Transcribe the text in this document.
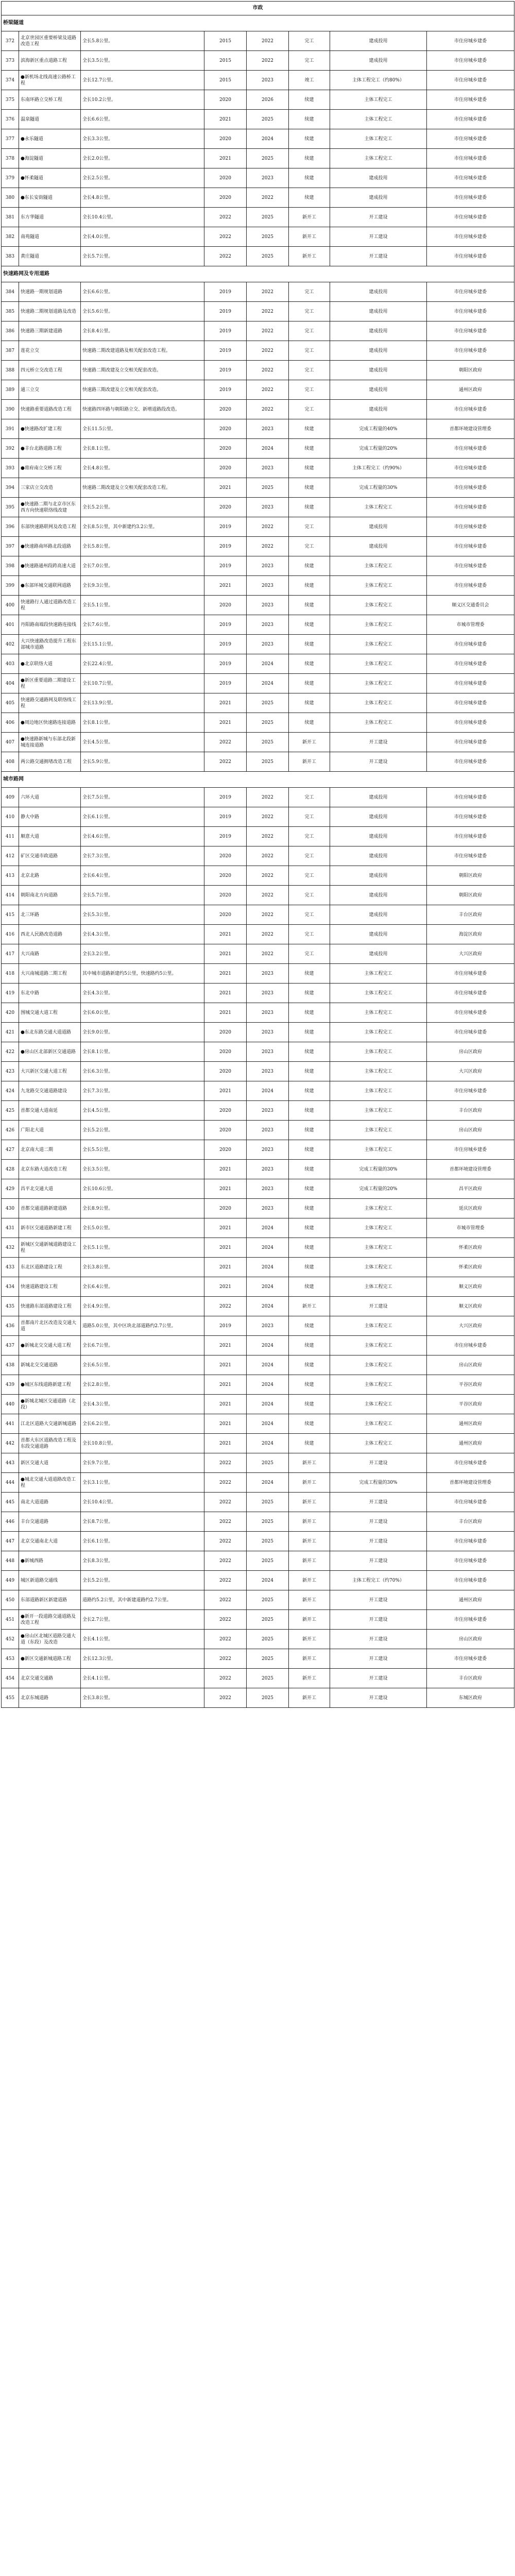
市政							
桥梁隧道							
372	北京世园区重要桥梁及道路改造工程	全长5.8公里。	2015	2022	完工	建成投用	市住房城乡建委
373	滨海新区重点道路工程	全长3.5公里。	2015	2022	完工	建成投用	市住房城乡建委
374	●新机场北线高速公路桥工程	全长12.7公里。	2015	2023	竣工	主体工程完工（约80%）	市住房城乡建委
375	东南环路立交桥工程	全长10.2公里。	2020	2026	续建	主体工程完工	市住房城乡建委
376	温泉隧道	全长6.6公里。	2021	2025	续建	主体工程完工	市住房城乡建委
377	●永乐隧道	全长3.3公里。	2020	2024	续建	主体工程完工	市住房城乡建委
378	●海淀隧道	全长2.0公里。	2021	2025	续建	主体工程完工	市住房城乡建委
379	●怀柔隧道	全长2.5公里。	2020	2023	续建	建成投用	市住房城乡建委
380	●东长安街隧道	全长4.8公里。	2020	2022	续建	建成投用	市住房城乡建委
381	东方华隧道	全长10.4公里。	2022	2025	新开工	开工建设	市住房城乡建委
382	南苑隧道	全长4.0公里。	2022	2025	新开工	开工建设	市住房城乡建委
383	黄庄隧道	全长5.7公里。	2022	2025	新开工	开工建设	市住房城乡建委
快速路网及专用道路							
384	快速路一期规划道路	全长6.6公里。	2019	2022	完工	建成投用	市住房城乡建委
385	快速路二期规划道路及改造	全长5.6公里。	2019	2022	完工	建成投用	市住房城乡建委
386	快速路三期新建道路	全长8.4公里。	2019	2022	完工	建成投用	市住房城乡建委
387	莲花立交	快速路二期改建道路及相关配套改造工程。	2019	2022	完工	建成投用	市住房城乡建委
388	四元桥立交改造工程	快速路二期改建及立交相关配套改造。	2019	2022	完工	建成投用	朝阳区政府
389	通三立交	快速路三期改建及立交相关配套改造。	2019	2022	完工	建成投用	通州区政府
390	快速路重要道路改造工程	快速路四环路与朝阳路立交、新增道路段改造。	2020	2022	完工	建成投用	市住房城乡建委
391	●快速路改扩建工程	全长11.5公里。	2020	2023	续建	完成工程量的40%	首都环境建设管理委
392	●丰台北路道路工程	全长8.1公里。	2020	2024	续建	完成工程量的20%	市住房城乡建委
393	●将府南立交桥工程	全长4.8公里。	2020	2023	续建	主体工程完工（约90%）	市住房城乡建委
394	三家店立交改造	快速路二期改建及立交相关配套改造工程。	2021	2025	续建	完成工程量的30%	市住房城乡建委
395	●快速路二期与北京市区东西方向快速联络线改建	全长5.2公里。	2020	2023	续建	主体工程完工	市住房城乡建委
396	东部快速路联网及改造工程	全长8.5公里，其中新建约3.2公里。	2019	2022	完工	建成投用	市住房城乡建委
397	●快速路南环路北段道路	全长5.8公里。	2019	2022	完工	建成投用	市住房城乡建委
398	●快速路通州段跨高速大道	全长7.0公里。	2019	2023	续建	主体工程完工	市住房城乡建委
399	●东部环城交通联网道路	全长9.3公里。	2021	2023	续建	主体工程完工	市住房城乡建委
400	快速路行人通过道路改造工程	全长5.1公里。	2020	2023	续建	主体工程完工	顺义区交通委员会
401	丹阳路南端段快速路连接线	全长7.6公里。	2019	2023	续建	主体工程完工	市城市管理委
402	大兴快速路改造提升工程东部城市道路	全长15.1公里。	2019	2023	续建	主体工程完工	市住房城乡建委
403	●北京联络大道	全长22.4公里。	2019	2024	续建	主体工程完工	市住房城乡建委
404	●新区重要道路二期建设工程	全长10.7公里。	2019	2024	续建	主体工程完工	市住房城乡建委
405	快速路交通路网及联络线工程	全长13.9公里。	2021	2025	续建	主体工程完工	市住房城乡建委
406	●周边地区快速路连接道路	全长8.1公里。	2021	2025	续建	主体工程完工	市住房城乡建委
407	●快速路新城与东部北段新城连接道路	全长4.5公里。	2022	2025	新开工	开工建设	市住房城乡建委
408	两公路交通拥堵改造工程	全长5.9公里。	2022	2025	新开工	开工建设	市住房城乡建委
城市路网							
409	六环大道	全长7.5公里。	2019	2022	完工	建成投用	市住房城乡建委
410	静大中路	全长6.1公里。	2019	2022	完工	建成投用	市住房城乡建委
411	顺意大道	全长4.6公里。	2019	2022	完工	建成投用	市住房城乡建委
412	矿区交通市政道路	全长7.3公里。	2020	2022	完工	建成投用	市住房城乡建委
413	北京北路	全长6.4公里。	2020	2022	完工	建成投用	朝阳区政府
414	朝阳南北方向道路	全长5.7公里。	2020	2022	完工	建成投用	朝阳区政府
415	北三环路	全长5.3公里。	2020	2022	完工	建成投用	丰台区政府
416	西北人民路改造道路	全长4.3公里。	2021	2022	完工	建成投用	海淀区政府
417	大兴南路	全长3.2公里。	2021	2022	完工	建成投用	大兴区政府
418	大兴南城道路二期工程	其中城市道路新建约5公里，快速路约5公里。	2021	2023	续建	主体工程完工	市住房城乡建委
419	东北中路	全长4.3公里。	2021	2023	续建	主体工程完工	市住房城乡建委
420	围城交通大道工程	全长6.0公里。	2021	2023	续建	主体工程完工	市住房城乡建委
421	●东北东路交通大道道路	全长9.0公里。	2020	2023	续建	主体工程完工	市住房城乡建委
422	●房山区北部新区交通道路	全长8.1公里。	2020	2023	续建	主体工程完工	房山区政府
423	大兴新区交通大道工程	全长6.3公里。	2020	2023	续建	主体工程完工	大兴区政府
424	九龙路交交通道路建设	全长7.3公里。	2021	2024	续建	主体工程完工	市住房城乡建委
425	首都交通大道南延	全长4.5公里。	2020	2023	续建	主体工程完工	丰台区政府
426	广阳北大道	全长5.2公里。	2020	2023	续建	主体工程完工	房山区政府
427	北京南大道二期	全长5.5公里。	2020	2023	续建	主体工程完工	市住房城乡建委
428	北京东路大道改造工程	全长3.5公里。	2021	2023	续建	完成工程量的30%	首都环境建设管理委
429	昌平北交通大道	全长10.6公里。	2021	2023	续建	完成工程量的20%	昌平区政府
430	首都交通道路新建道路	全长8.9公里。	2020	2023	续建	主体工程完工	延庆区政府
431	新市区交通道路新建工程	全长5.0公里。	2021	2024	续建	主体工程完工	市城市管理委
432	新城区交通新城道路建设工程	全长5.1公里。	2021	2024	续建	主体工程完工	怀柔区政府
433	东北区道路建设工程	全长3.8公里。	2021	2024	续建	主体工程完工	怀柔区政府
434	快速道路建设工程	全长6.4公里。	2021	2024	续建	主体工程完工	顺义区政府
435	快速路东部道路建设工程	全长4.9公里。	2022	2024	新开工	开工建设	顺义区政府
436	首都南片北区改造及交通大道	道路5.0公里，其中区块北部道路约2.7公里。	2019	2023	续建	主体工程完工	大兴区政府
437	●新城北交交通大道工程	全长6.7公里。	2021	2024	续建	主体工程完工	市住房城乡建委
438	新城北交交通道路	全长6.5公里。	2021	2024	续建	主体工程完工	房山区政府
439	●城区东线道路新建工程	全长2.8公里。	2021	2024	续建	主体工程完工	平谷区政府
440	●新城北城区交通道路（北段）	全长4.3公里。	2021	2024	续建	主体工程完工	平谷区政府
441	江北区道路大交通新城道路	全长6.2公里。	2021	2024	续建	主体工程完工	通州区政府
442	首都大东区道路改造工程及东段交通道路	全长10.8公里。	2021	2024	续建	主体工程完工	通州区政府
443	新区交通大道	全长9.7公里。	2022	2025	新开工	开工建设	市住房城乡建委
444	●城北交通大道道路改造工程	全长3.1公里。	2022	2024	新开工	完成工程量的30%	首都环境建设管理委
445	南北大道道路	全长10.4公里。	2022	2025	新开工	开工建设	市住房城乡建委
446	丰台交通道路	全长8.7公里。	2022	2025	新开工	开工建设	丰台区政府
447	北京交通南北大道	全长6.1公里。	2022	2025	新开工	开工建设	市住房城乡建委
448	●新城西路	全长8.3公里。	2022	2025	新开工	开工建设	市住房城乡建委
449	城区新道路交通线	全长5.2公里。	2022	2024	新开工	主体工程完工（约70%）	市住房城乡建委
450	东部道路新区新建道路	道路约5.2公里，其中新建道路约2.7公里。	2022	2025	新开工	开工建设	通州区政府
451	●新开一段道路交通道路及改造工程	全长2.7公里。	2022	2025	新开工	开工建设	市住房城乡建委
452	●房山区北城区道路交通大道（东段）及改造	全长4.1公里。	2022	2025	新开工	开工建设	房山区政府
453	●新区交通新城道路工程	全长12.3公里。	2022	2025	新开工	开工建设	市住房城乡建委
454	北京交通交通路	全长4.1公里。	2022	2025	新开工	开工建设	丰台区政府
455	北京东城道路	全长3.8公里。	2022	2025	新开工	开工建设	东城区政府
